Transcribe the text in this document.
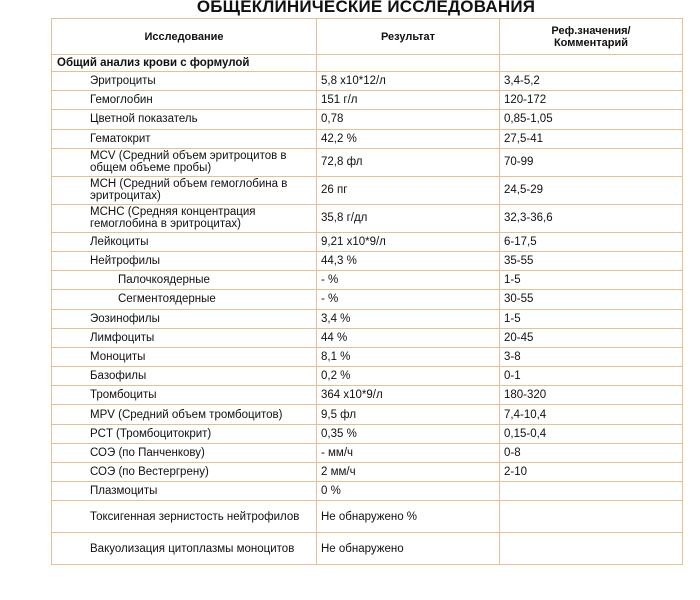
ОБЩЕКЛИНИЧЕСКИЕ ИССЛЕДОВАНИЯ
Исследование	Результат	Реф.значения/
Комментарий
Общий анализ крови с формулой		
Эритроциты	5,8 x10*12/л	3,4-5,2
Гемоглобин	151 г/л	120-172
Цветной показатель	0,78	0,85-1,05
Гематокрит	42,2 %	27,5-41
MCV (Средний объем эритроцитов в общем объеме пробы)	72,8 фл	70-99
MCH (Средний объем гемоглобина в эритроцитах)	26 пг	24,5-29
MCHC (Средняя концентрация гемоглобина в эритроцитах)	35,8 г/дл	32,3-36,6
Лейкоциты	9,21 x10*9/л	6-17,5
Нейтрофилы	44,3 %	35-55
Палочкоядерные	- %	1-5
Сегментоядерные	- %	30-55
Эозинофилы	3,4 %	1-5
Лимфоциты	44 %	20-45
Моноциты	8,1 %	3-8
Базофилы	0,2 %	0-1
Тромбоциты	364 x10*9/л	180-320
MPV (Средний объем тромбоцитов)	9,5 фл	7,4-10,4
PCT (Тромбоцитокрит)	0,35 %	0,15-0,4
СОЭ (по Панченкову)	- мм/ч	0-8
СОЭ (по Вестергрену)	2 мм/ч	2-10
Плазмоциты	0 %	
Токсигенная зернистость нейтрофилов	Не обнаружено %	
Вакуолизация цитоплазмы моноцитов	Не обнаружено	
